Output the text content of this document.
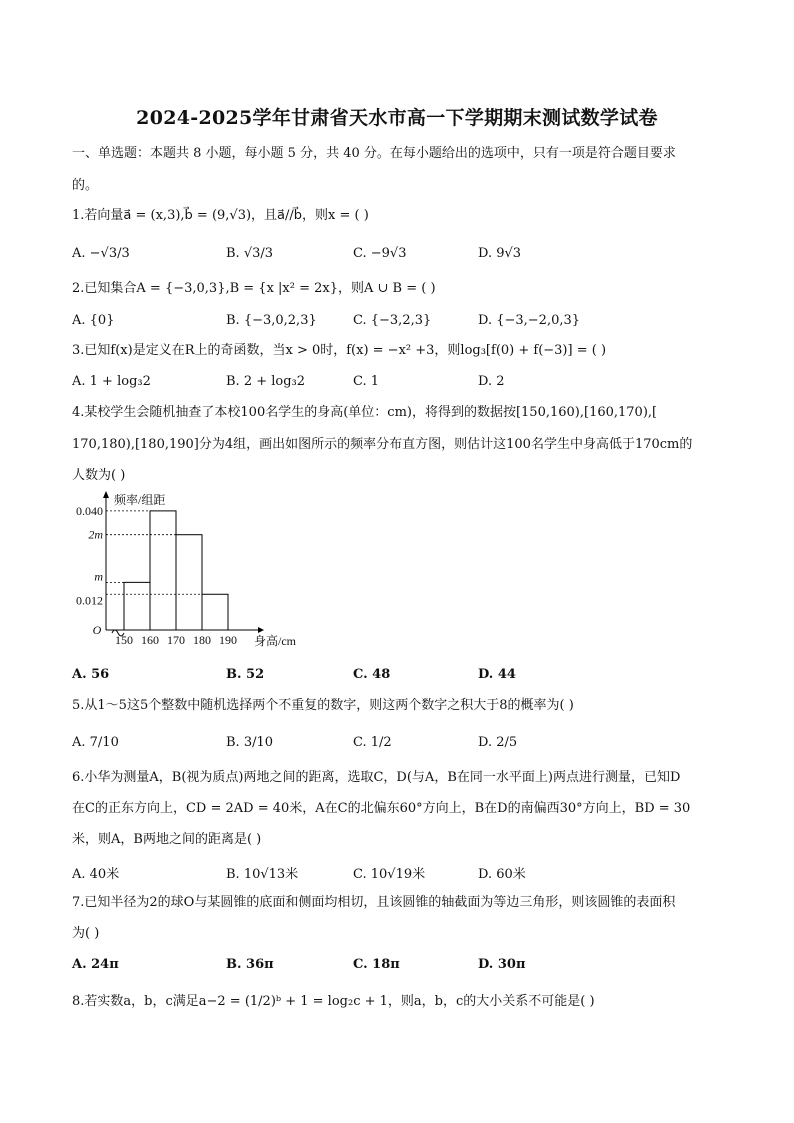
2024-2025学年甘肃省天水市高一下学期期末测试数学试卷
一、单选题：本题共 8 小题，每小题 5 分，共 40 分。在每小题给出的选项中，只有一项是符合题目要求
的。
1.若向量a⃗ = (x,3),b⃗ = (9,√3)，且a⃗//b⃗，则x = ( )
A. −√3/3	B. √3/3	C. −9√3	D. 9√3
2.已知集合A = {−3,0,3},B = {x |x² = 2x}，则A ∪ B = ( )
A. {0}	B. {−3,0,2,3}	C. {−3,2,3}	D. {−3,−2,0,3}
3.已知f(x)是定义在R上的奇函数，当x > 0时，f(x) = −x² +3，则log₃[f(0) + f(−3)] = ( )
A. 1 + log₃2	B. 2 + log₃2	C. 1	D. 2
4.某校学生会随机抽查了本校100名学生的身高(单位：cm)，将得到的数据按[150,160),[160,170),[
170,180),[180,190]分为4组，画出如图所示的频率分布直方图，则估计这100名学生中身高低于170cm的
人数为( )
0.040
2m
m
0.012
150 160 170 180 190
O
频率/组距
身高/cm
A. 56	B. 52	C. 48	D. 44
5.从1～5这5个整数中随机选择两个不重复的数字，则这两个数字之积大于8的概率为( )
A. 7/10	B. 3/10	C. 1/2	D. 2/5
6.小华为测量A，B(视为质点)两地之间的距离，选取C，D(与A，B在同一水平面上)两点进行测量，已知D
在C的正东方向上，CD = 2AD = 40米，A在C的北偏东60°方向上，B在D的南偏西30°方向上，BD = 30
米，则A，B两地之间的距离是( )
A. 40米	B. 10√13米	C. 10√19米	D. 60米
7.已知半径为2的球O与某圆锥的底面和侧面均相切，且该圆锥的轴截面为等边三角形，则该圆锥的表面积
为( )
A. 24π	B. 36π	C. 18π	D. 30π
8.若实数a，b，c满足a−2 = (1/2)ᵇ + 1 = log₂c + 1，则a，b，c的大小关系不可能是( )
